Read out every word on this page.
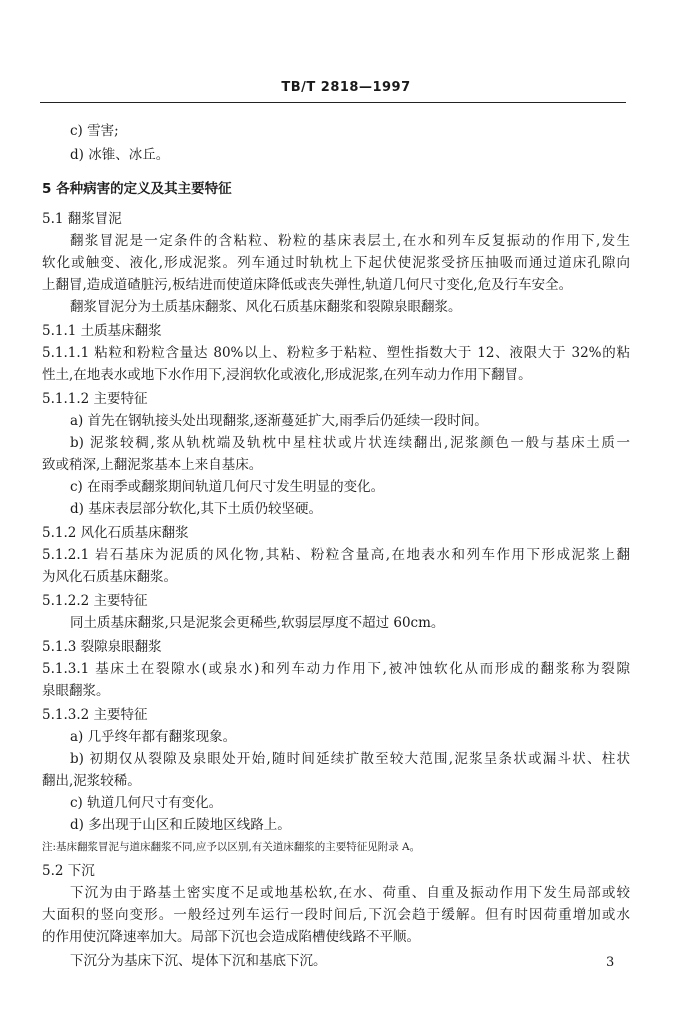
TB/T 2818—1997
c) 雪害;
d) 冰锥、冰丘。
5 各种病害的定义及其主要特征
5.1 翻浆冒泥
翻浆冒泥是一定条件的含粘粒、粉粒的基床表层土,在水和列车反复振动的作用下,发生
软化或触变、液化,形成泥浆。列车通过时轨枕上下起伏使泥浆受挤压抽吸而通过道床孔隙向
上翻冒,造成道碴脏污,板结进而使道床降低或丧失弹性,轨道几何尺寸变化,危及行车安全。
翻浆冒泥分为土质基床翻浆、风化石质基床翻浆和裂隙泉眼翻浆。
5.1.1 土质基床翻浆
5.1.1.1 粘粒和粉粒含量达 80%以上、粉粒多于粘粒、塑性指数大于 12、液限大于 32%的粘
性土,在地表水或地下水作用下,浸润软化或液化,形成泥浆,在列车动力作用下翻冒。
5.1.1.2 主要特征
a) 首先在钢轨接头处出现翻浆,逐渐蔓延扩大,雨季后仍延续一段时间。
b) 泥浆较稠,浆从轨枕端及轨枕中星柱状或片状连续翻出,泥浆颜色一般与基床土质一
致或稍深,上翻泥浆基本上来自基床。
c) 在雨季或翻浆期间轨道几何尺寸发生明显的变化。
d) 基床表层部分软化,其下土质仍较坚硬。
5.1.2 风化石质基床翻浆
5.1.2.1 岩石基床为泥质的风化物,其粘、粉粒含量高,在地表水和列车作用下形成泥浆上翻
为风化石质基床翻浆。
5.1.2.2 主要特征
同土质基床翻浆,只是泥浆会更稀些,软弱层厚度不超过 60cm。
5.1.3 裂隙泉眼翻浆
5.1.3.1 基床土在裂隙水(或泉水)和列车动力作用下,被冲蚀软化从而形成的翻浆称为裂隙
泉眼翻浆。
5.1.3.2 主要特征
a) 几乎终年都有翻浆现象。
b) 初期仅从裂隙及泉眼处开始,随时间延续扩散至较大范围,泥浆呈条状或漏斗状、柱状
翻出,泥浆较稀。
c) 轨道几何尺寸有变化。
d) 多出现于山区和丘陵地区线路上。
注:基床翻浆冒泥与道床翻浆不同,应予以区别,有关道床翻浆的主要特征见附录 A。
5.2 下沉
下沉为由于路基土密实度不足或地基松软,在水、荷重、自重及振动作用下发生局部或较
大面积的竖向变形。一般经过列车运行一段时间后,下沉会趋于缓解。但有时因荷重增加或水
的作用使沉降速率加大。局部下沉也会造成陷槽使线路不平顺。
下沉分为基床下沉、堤体下沉和基底下沉。	3
